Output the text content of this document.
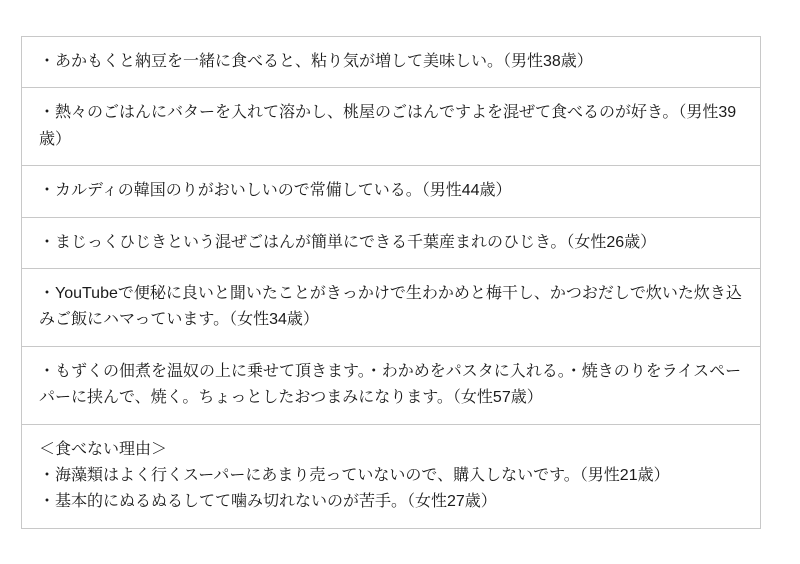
・あかもくと納豆を一緒に食べると、粘り気が増して美味しい。（男性38歳）

・熱々のごはんにバターを入れて溶かし、桃屋のごはんですよを混ぜて食べるのが好き。（男性39歳）

・カルディの韓国のりがおいしいので常備している。（男性44歳）

・まじっくひじきという混ぜごはんが簡単にできる千葉産まれのひじき。（女性26歳）

・YouTubeで便秘に良いと聞いたことがきっかけで生わかめと梅干し、かつおだしで炊いた炊き込みご飯にハマっています。（女性34歳）

・もずくの佃煮を温奴の上に乗せて頂きます。・わかめをパスタに入れる。・焼きのりをライスペーパーに挟んで、焼く。ちょっとしたおつまみになります。（女性57歳）

＜食べない理由＞
・海藻類はよく行くスーパーにあまり売っていないので、購入しないです。（男性21歳）
・基本的にぬるぬるしてて噛み切れないのが苦手。（女性27歳）
